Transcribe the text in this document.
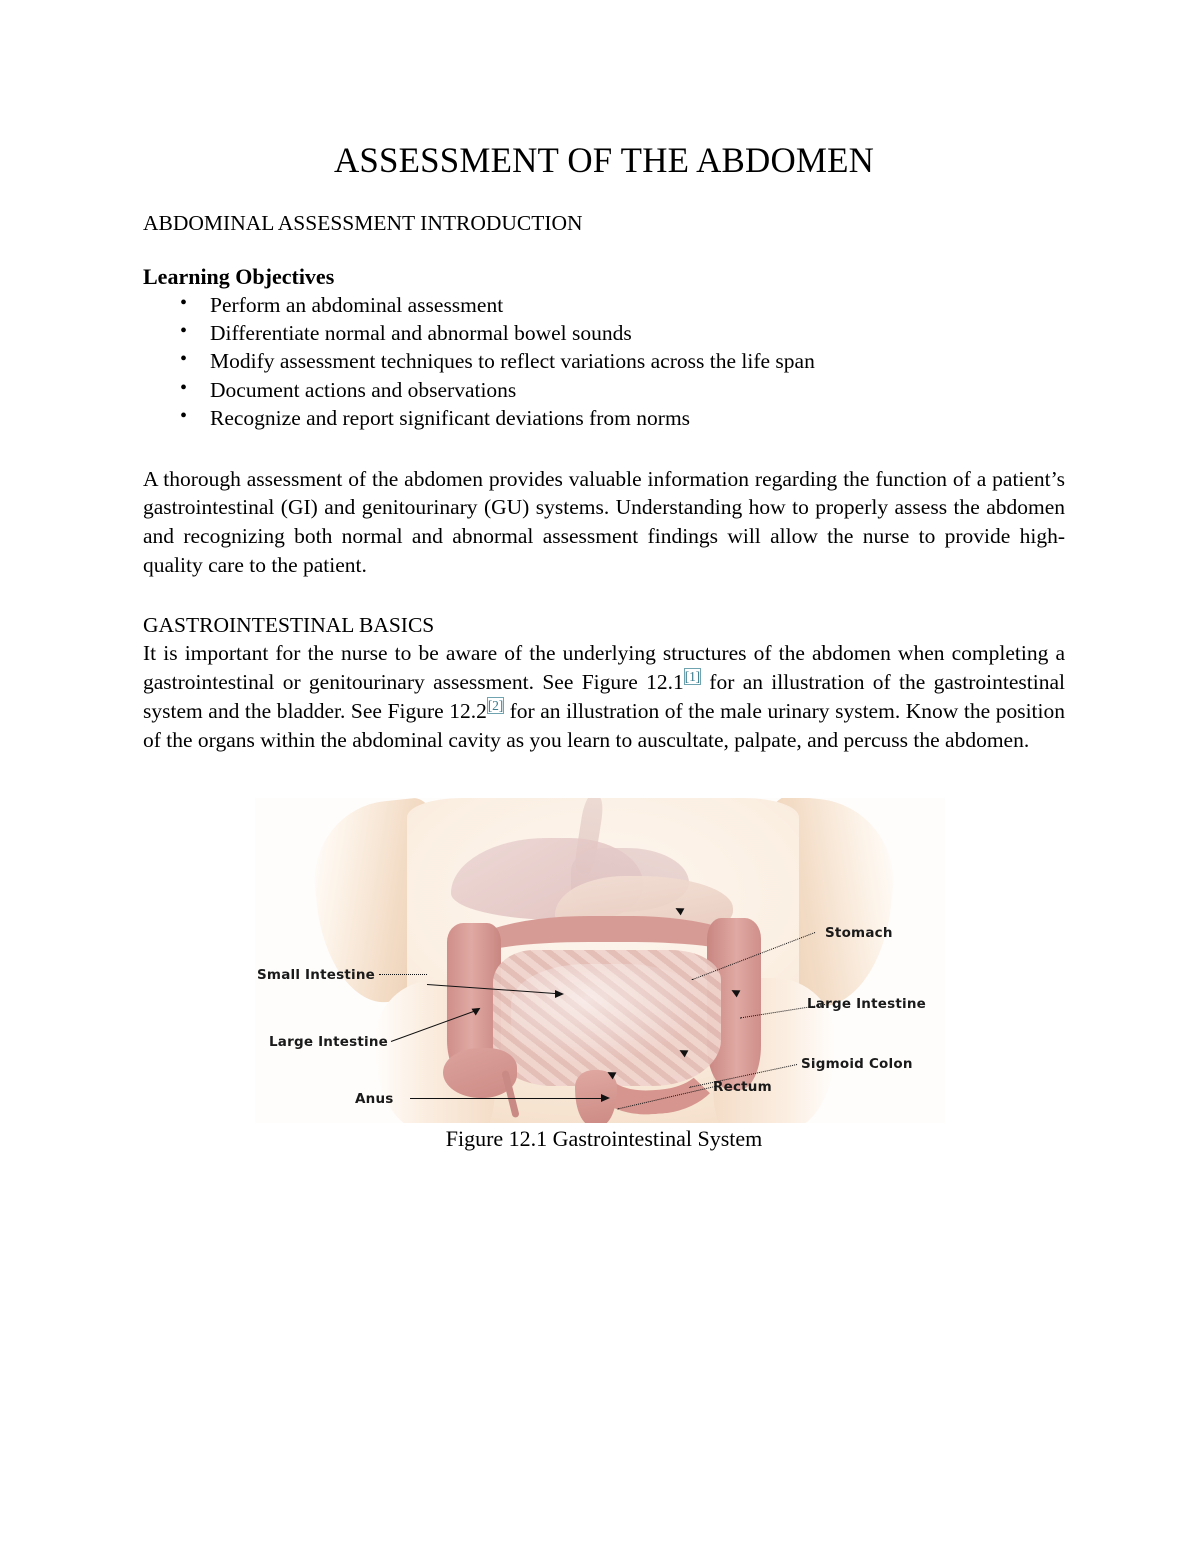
ASSESSMENT OF THE ABDOMEN
ABDOMINAL ASSESSMENT INTRODUCTION
Learning Objectives
• Perform an abdominal assessment
• Differentiate normal and abnormal bowel sounds
• Modify assessment techniques to reflect variations across the life span
• Document actions and observations
• Recognize and report significant deviations from norms

A thorough assessment of the abdomen provides valuable information regarding the function of a patient’s gastrointestinal (GI) and genitourinary (GU) systems. Understanding how to properly assess the abdomen and recognizing both normal and abnormal assessment findings will allow the nurse to provide high-quality care to the patient.

GASTROINTESTINAL BASICS

It is important for the nurse to be aware of the underlying structures of the abdomen when completing a gastrointestinal or genitourinary assessment. See Figure 12.1[1] for an illustration of the gastrointestinal system and the bladder. See Figure 12.2[2] for an illustration of the male urinary system. Know the position of the organs within the abdominal cavity as you learn to auscultate, palpate, and percuss the abdomen.

Small Intestine
Large Intestine
Anus
Stomach
Large Intestine
Sigmoid Colon
Rectum
Figure 12.1 Gastrointestinal System
